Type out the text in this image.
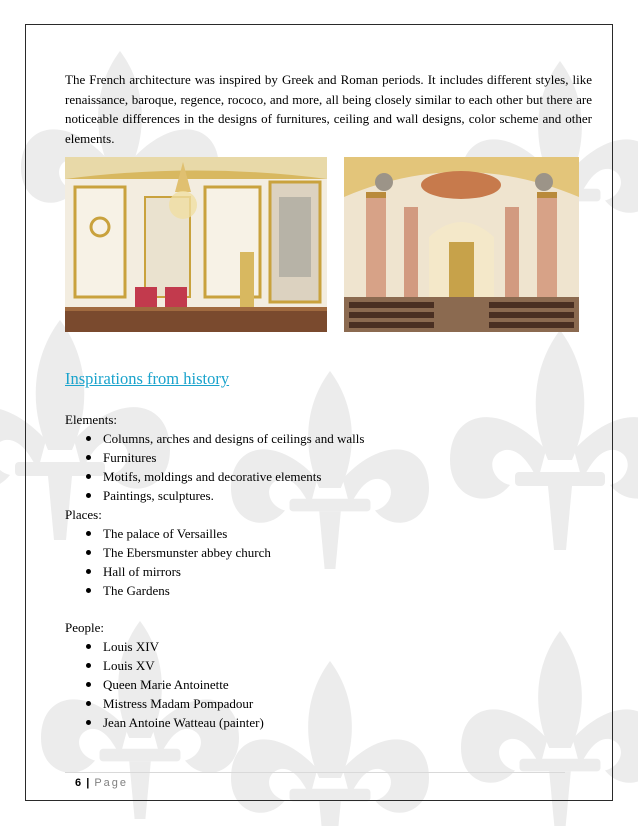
The French architecture was inspired by Greek and Roman periods. It includes different styles, like renaissance, baroque, regence, rococo, and more, all being closely similar to each other but there are noticeable differences in the designs of furnitures, ceiling and wall designs, color scheme and other elements.

Inspirations from history

Elements:

Columns, arches and designs of ceilings and walls
Furnitures
Motifs, moldings and decorative elements
Paintings, sculptures.

Places:

The palace of Versailles
The Ebersmunster abbey church
Hall of mirrors
The Gardens

People:

Louis XIV
Louis XV
Queen Marie Antoinette
Mistress Madam Pompadour
Jean Antoine Watteau (painter)
6 | Page
